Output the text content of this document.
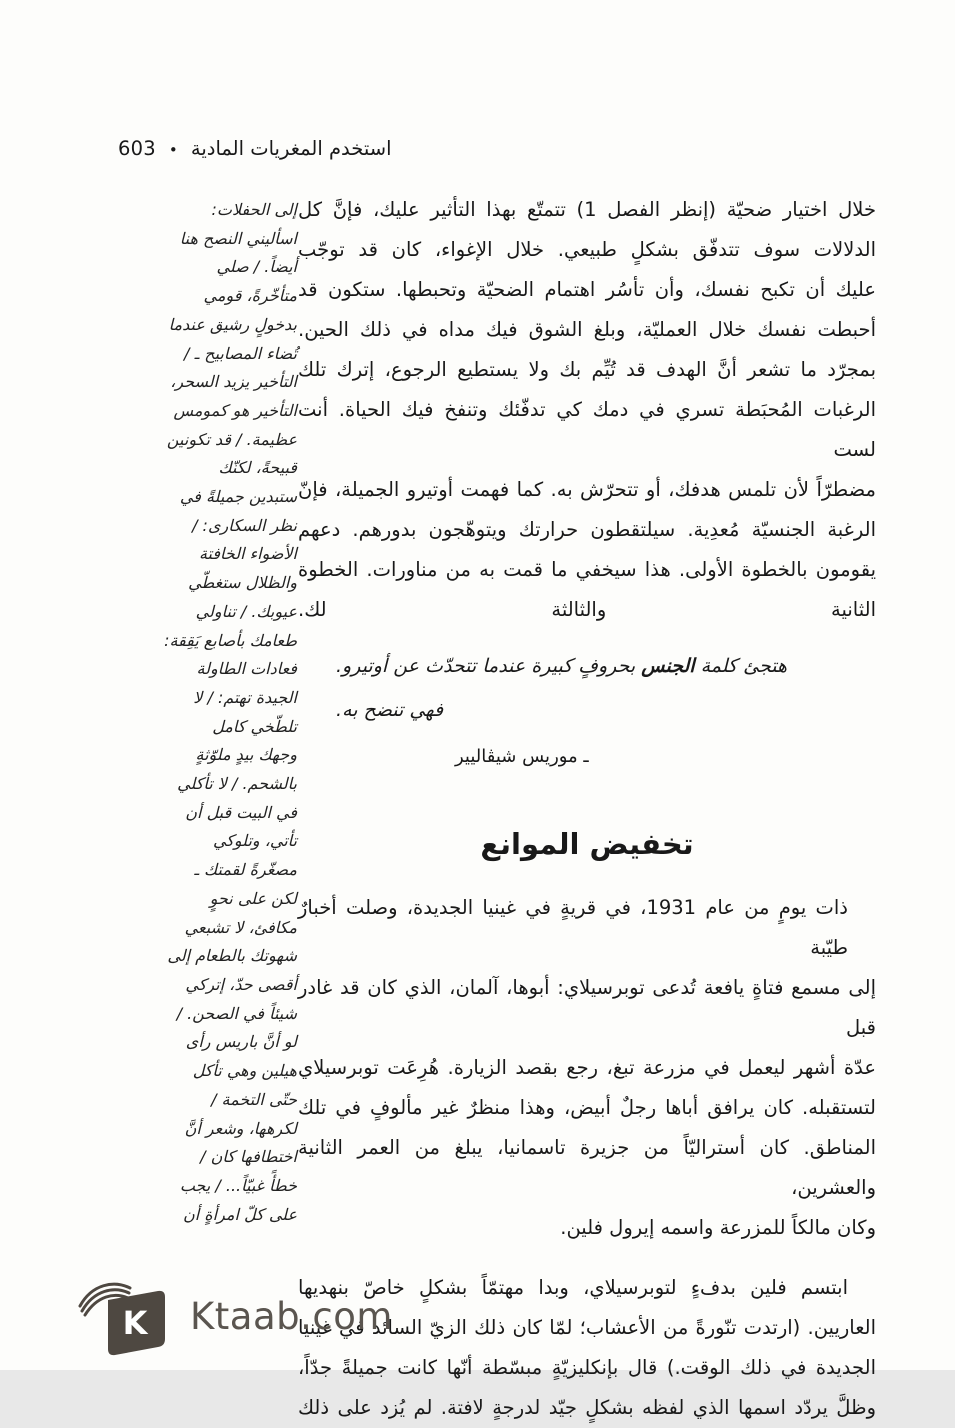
استخدم المغريات المادية
•
603
إلى الحفلات:
اسأليني النصح هنا
أيضاً. / صلي
متأخّرةً، قومي
بدخولٍ رشيق عندما
تُضاء المصابيح ـ /
التأخير يزيد السحر،
التأخير هو كمومس
عظيمة. / قد تكونين
قبيحةً، لكنّك
ستبدين جميلةً في
نظر السكارى: /
الأضواء الخافتة
والظلال ستغطّي
عيوبك. / تناولي
طعامك بأصابع يَقِقة:
فعادات الطاولة
الجيدة تهتم: / لا
تلطّخي كامل
وجهك بيدٍ ملوّثةٍ
بالشحم. / لا تأكلي
في البيت قبل أن
تأتي، وتلوكي
مصغّرةً لقمتك ـ
لكن على نحوٍ
مكافئ، لا تشبعي
شهوتك بالطعام إلى
أقصى حدّ، إتركي
شيئاً في الصحن. /
لو أنَّ باريس رأى
هيلين وهي تأكل
حتّى التخمة /
لكرهها، وشعر أنَّ
اختطافها كان /
خطأً غبيّاً... / يجب
على كلّ امرأةٍ أن
خلال اختيار ضحيّة (إنظر الفصل 1) تتمتّع بهذا التأثير عليك، فإنَّ كل
الدلالات سوف تتدفّق بشكلٍ طبيعي. خلال الإغواء، كان قد توجّب
عليك أن تكبح نفسك، وأن تأسُر اهتمام الضحيّة وتحبطها. ستكون قد
أحبطت نفسك خلال العمليّة، وبلغ الشوق فيك مداه في ذلك الحين.
بمجرّد ما تشعر أنَّ الهدف قد تُيِّم بك ولا يستطيع الرجوع، إترك تلك
الرغبات المُحبَطة تسري في دمك كي تدفّئك وتنفخ فيك الحياة. أنت لست
مضطرّاً لأن تلمس هدفك، أو تتحرّش به. كما فهمت أوتيرو الجميلة، فإنّ
الرغبة الجنسيّة مُعدِية. سيلتقطون حرارتك ويتوهّجون بدورهم. دعهم
يقومون بالخطوة الأولى. هذا سيخفي ما قمت به من مناورات. الخطوة
الثانية والثالثة لك.
هتجئ كلمة الجنس بحروفٍ كبيرة عندما تتحدّث عن أوتيرو.
فهي تنضح به.
ـ موريس شيڤاليير
تخفيض الموانع
ذات يومٍ من عام 1931، في قريةٍ في غينيا الجديدة، وصلت أخبارٌ طيّبة
إلى مسمع فتاةٍ يافعة تُدعى توبرسيلاي: أبوها، آلمان، الذي كان قد غادر قبل
عدّة أشهر ليعمل في مزرعة تبغ، رجع بقصد الزيارة. هُرِعَت توبرسيلاي
لتستقبله. كان يرافق أباها رجلٌ أبيض، وهذا منظرٌ غير مألوفٍ في تلك
المناطق. كان أستراليّاً من جزيرة تاسمانيا، يبلغ من العمر الثانية والعشرين،
وكان مالكاً للمزرعة واسمه إيرول فلين.
ابتسم فلين بدفءٍ لتوبرسيلاي، وبدا مهتمّاً بشكلٍ خاصّ بنهديها
العاريين. (ارتدت تنّورةً من الأعشاب؛ لمّا كان ذلك الزيّ السائد في غينيا
الجديدة في ذلك الوقت.) قال بإنكليزيّةٍ مبسّطة أنّها كانت جميلةً جدّاً،
وظلَّ يردّد اسمها الذي لفظه بشكلٍ جيّد لدرجةٍ لافتة. لم يُزد على ذلك
K Ktaab.com
